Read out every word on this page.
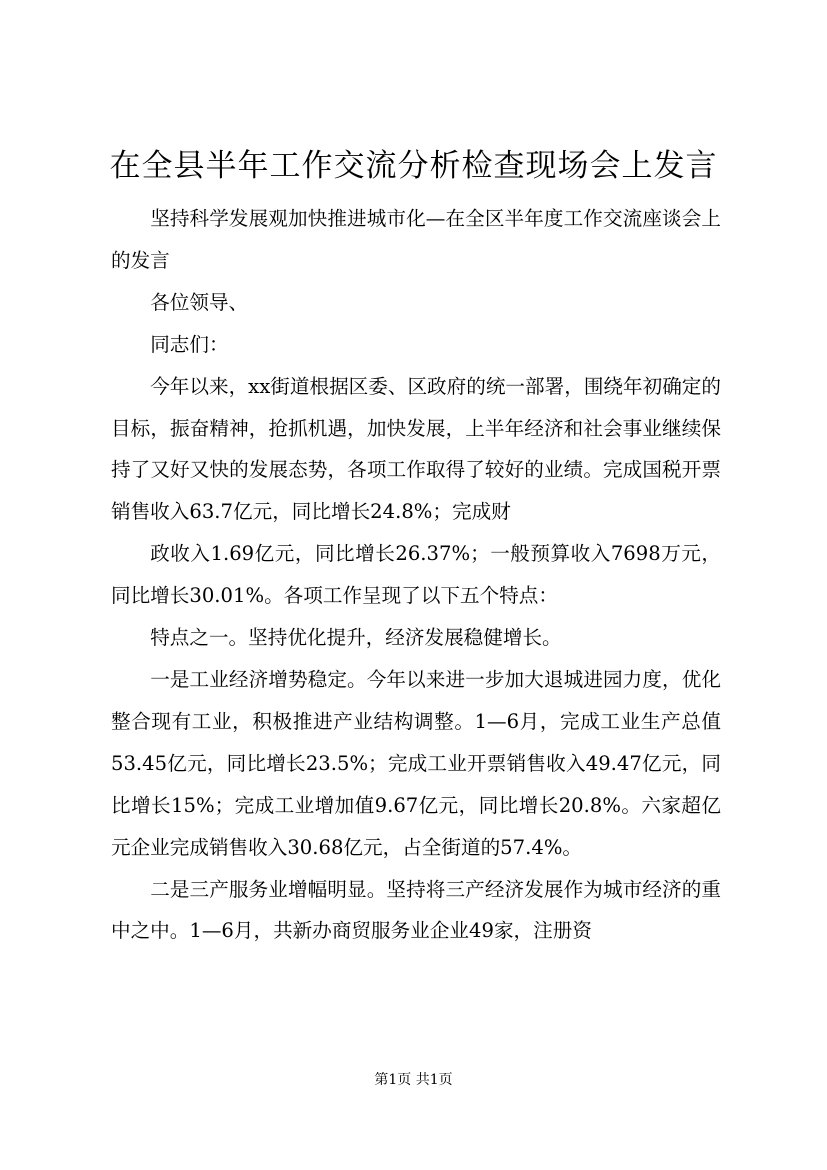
在全县半年工作交流分析检查现场会上发言

坚持科学发展观加快推进城市化—在全区半年度工作交流座谈会上的发言

各位领导、

同志们：

今年以来，xx街道根据区委、区政府的统一部署，围绕年初确定的目标，振奋精神，抢抓机遇，加快发展，上半年经济和社会事业继续保持了又好又快的发展态势，各项工作取得了较好的业绩。完成国税开票销售收入63.7亿元，同比增长24.8%；完成财

政收入1.69亿元，同比增长26.37%；一般预算收入7698万元，同比增长30.01%。各项工作呈现了以下五个特点：

特点之一。坚持优化提升，经济发展稳健增长。

一是工业经济增势稳定。今年以来进一步加大退城进园力度，优化整合现有工业，积极推进产业结构调整。1—6月，完成工业生产总值53.45亿元，同比增长23.5%；完成工业开票销售收入49.47亿元，同比增长15%；完成工业增加值9.67亿元，同比增长20.8%。六家超亿元企业完成销售收入30.68亿元，占全街道的57.4%。

二是三产服务业增幅明显。坚持将三产经济发展作为城市经济的重中之中。1—6月，共新办商贸服务业企业49家，注册资

第1页 共1页
